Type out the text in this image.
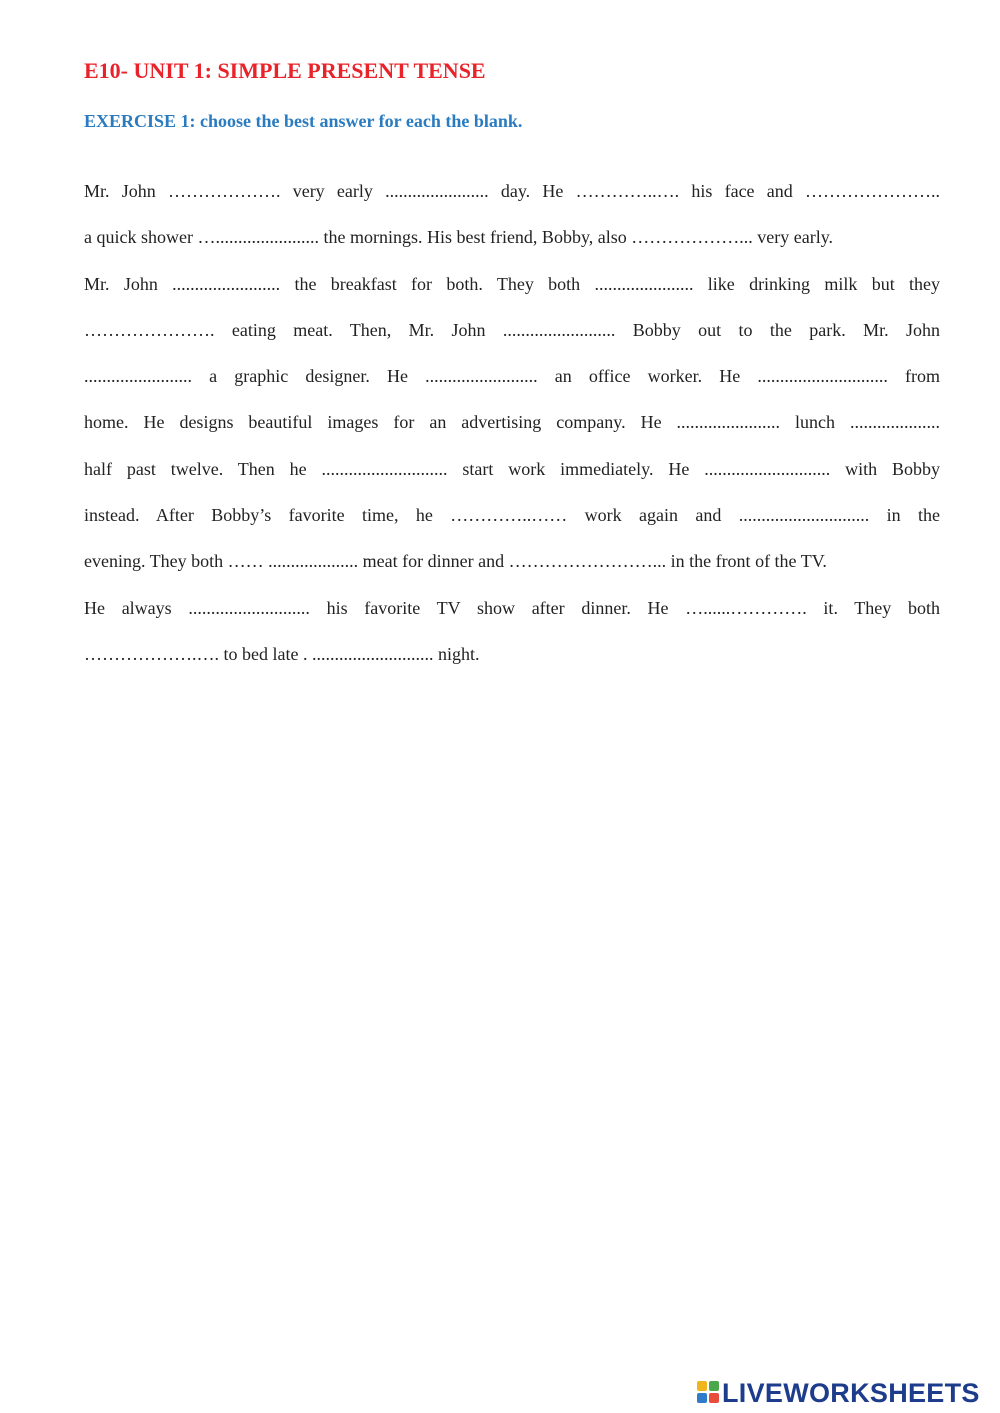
E10- UNIT 1: SIMPLE PRESENT TENSE
EXERCISE 1: choose the best answer for each the blank.
Mr. John ………………. very early ....................... day. He …………..…. his face and …………………..
a quick shower …....................... the mornings. His best friend, Bobby, also ………………... very early.
Mr. John ........................ the breakfast for both. They both ...................... like drinking milk but they
…………………. eating meat. Then, Mr. John ......................... Bobby out to the park. Mr. John
........................ a graphic designer. He ......................... an office worker. He ............................. from
home. He designs beautiful images for an advertising company. He ....................... lunch ....................
half past twelve. Then he ............................ start work immediately. He ............................ with Bobby
instead. After Bobby’s favorite time, he …………..…… work again and ............................. in the
evening. They both …… .................... meat for dinner and ……………………... in the front of the TV.
He always ........................... his favorite TV show after dinner. He …......…………. it. They both
……………….…. to bed late . ........................... night.
LIVEWORKSHEETS
